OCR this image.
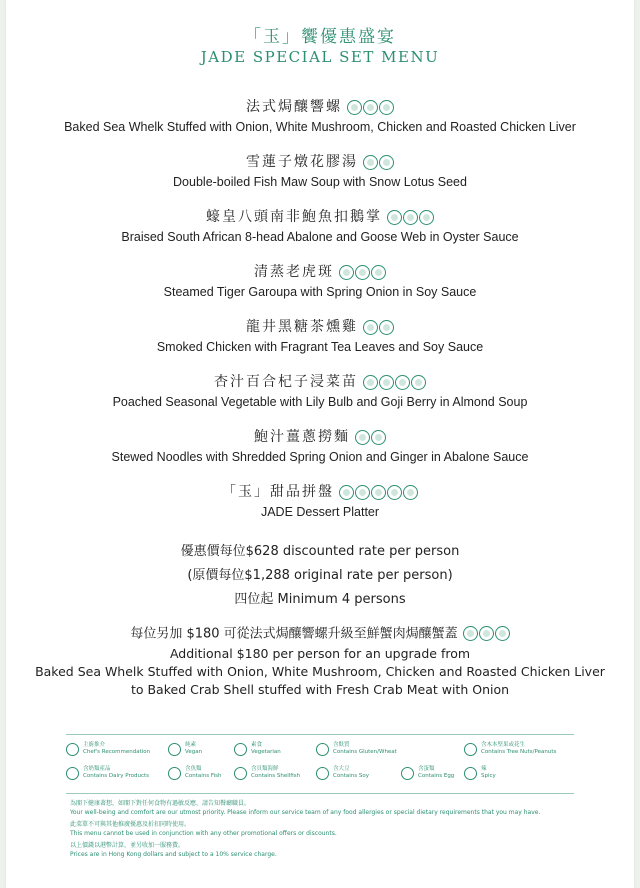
「玉」饗優惠盛宴
JADE SPECIAL SET MENU
法式焗釀響螺
Baked Sea Whelk Stuffed with Onion, White Mushroom, Chicken and Roasted Chicken Liver
雪蓮子燉花膠湯
Double-boiled Fish Maw Soup with Snow Lotus Seed
蠔皇八頭南非鮑魚扣鵝掌
Braised South African 8-head Abalone and Goose Web in Oyster Sauce
清蒸老虎斑
Steamed Tiger Garoupa with Spring Onion in Soy Sauce
龍井黑糖茶燻雞
Smoked Chicken with Fragrant Tea Leaves and Soy Sauce
杏汁百合杞子浸菜苗
Poached Seasonal Vegetable with Lily Bulb and Goji Berry in Almond Soup
鮑汁薑蔥撈麵
Stewed Noodles with Shredded Spring Onion and Ginger in Abalone Sauce
「玉」甜品拼盤
JADE Dessert Platter
優惠價每位$628 discounted rate per person
(原價每位$1,288 original rate per person)
四位起 Minimum 4 persons
每位另加 $180 可從法式焗釀響螺升級至鮮蟹肉焗釀蟹蓋
Additional $180 per person for an upgrade from
Baked Sea Whelk Stuffed with Onion, White Mushroom, Chicken and Roasted Chicken Liver
to Baked Crab Shell stuffed with Fresh Crab Meat with Onion
主廚推介
Chef's Recommendation
純素
Vegan
素食
Vegetarian
含麩質
Contains Gluten/Wheat
含木本堅果或花生
Contains Tree Nuts/Peanuts
含奶類產品
Contains Dairy Products
含魚類
Contains Fish
含貝類海鮮
Contains Shellfish
含大豆
Contains Soy
含蛋類
Contains Egg
辣
Spicy
為閣下健康著想，如閣下對任何食物有過敏反應，請告知餐廳職員。
Your well-being and comfort are our utmost priority. Please inform our service team of any food allergies or special dietary requirements that you may have.
此菜單不可與其他推廣優惠及折扣同時使用。
This menu cannot be used in conjunction with any other promotional offers or discounts.
以上價錢以港幣計算，並另收加一服務費。
Prices are in Hong Kong dollars and subject to a 10% service charge.
